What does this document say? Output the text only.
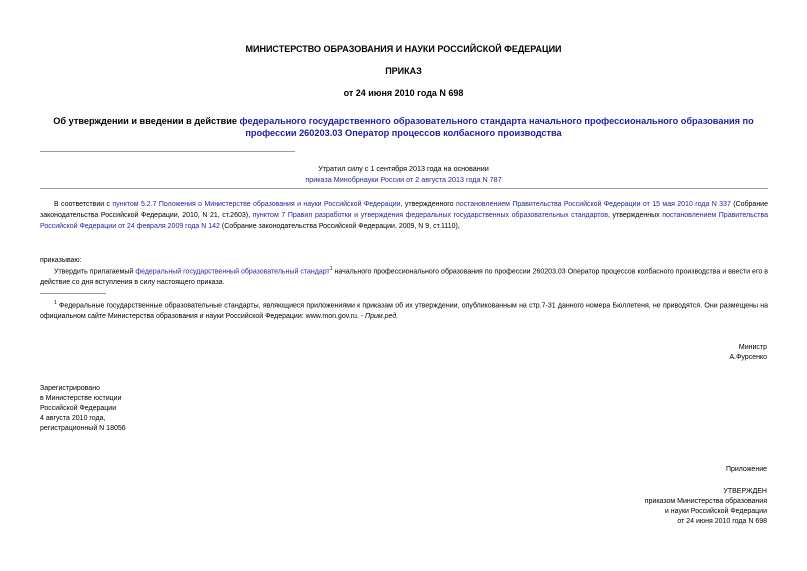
МИНИСТЕРСТВО ОБРАЗОВАНИЯ И НАУКИ РОССИЙСКОЙ ФЕДЕРАЦИИ
ПРИКАЗ
от 24 июня 2010 года N 698
Об утверждении и введении в действие федерального государственного образовательного стандарта начального профессионального образования по профессии 260203.03 Оператор процессов колбасного производства
Утратил силу с 1 сентября 2013 года на основании
приказа Минобрнауки России от 2 августа 2013 года N 787
В соответствии с пунктом 5.2.7 Положения о Министерстве образования и науки Российской Федерации, утвержденного постановлением Правительства Российской Федерации от 15 мая 2010 года N 337 (Собрание законодательства Российской Федерации, 2010, N 21, ст.2603), пунктом 7 Правил разработки и утверждения федеральных государственных образовательных стандартов, утвержденных постановлением Правительства Российской Федерации от 24 февраля 2009 года N 142 (Собрание законодательства Российской Федерации, 2009, N 9, ст.1110),
приказываю:
Утвердить прилагаемый федеральный государственный образовательный стандарт$^1$ начального профессионального образования по профессии 260203.03 Оператор процессов колбасного производства и ввести его в действие со дня вступления в силу настоящего приказа.
$^1$ Федеральные государственные образовательные стандарты, являющиеся приложениями к приказам об их утверждении, опубликованным на стр.7-31 данного номера Бюллетеня, не приводятся. Они размещены на официальном сайте Министерства образования и науки Российской Федерации: www.mon.gov.ru. - Прим.ред.
Министр
А.Фурсенко
Зарегистрировано
в Министерстве юстиции
Российской Федерации
4 августа 2010 года,
регистрационный N 18056
Приложение
УТВЕРЖДЕН
приказом Министерства образования
и науки Российской Федерации
от 24 июня 2010 года N 698
